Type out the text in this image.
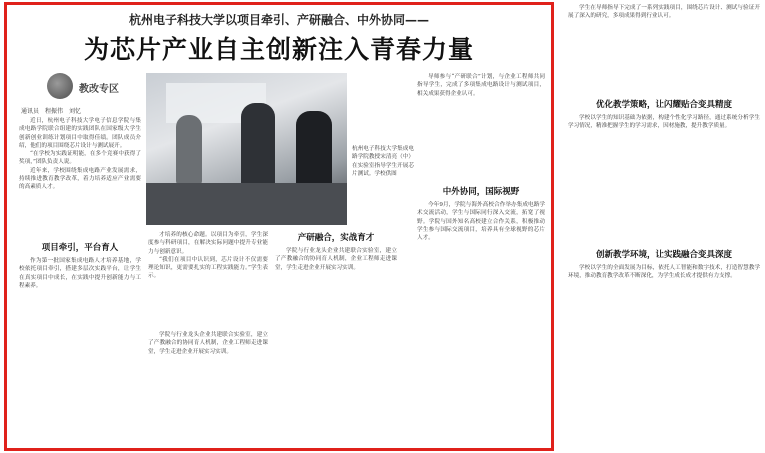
杭州电子科技大学以项目牵引、产研融合、中外协同——
为芯片产业自主创新注入青春力量
教改专区
通讯员　程振伟　刘忆
杭州电子科技大学集成电路学院教授宋清亮（中）在实验室指导学生开展芯片测试。学校供图

近日，杭州电子科技大学电子信息学院与集成电路学院联合组建的实践团队在国家级大学生创新创业训练计划项目中取得佳绩。团队成员介绍，他们的项目围绕芯片设计与测试展开。

“在学校为实践证明能，在多个竞赛中获得了奖项，”团队负责人说。

近年来，学校围绕集成电路产业发展需求，持续推进教育教学改革，着力培养适应产业需要的高素质人才。

项目牵引，平台育人

作为第一批国家集成电路人才培养基地，学校依托项目牵引，搭建多层次实践平台，让学生在真实项目中成长，在实践中提升创新能力与工程素养。

才培养的核心命题。以项目为牵引，学生深度参与科研项目，在解决实际问题中提升专业能力与创新意识。

“我们在项目中认识到，芯片设计不仅需要理论知识，更需要扎实的工程实践能力。”学生表示。

产研融合，实战育才

学院与行业龙头企业共建联合实验室，建立了产教融合的协同育人机制，企业工程师走进课堂，学生走进企业开展实习实训。

学院与行业龙头企业共建联合实验室，建立了产教融合的协同育人机制，企业工程师走进课堂，学生走进企业开展实习实训。

导师参与“产研联合”计划，与企业工程师共同指导学生，完成了多项集成电路设计与测试项目，相关成果获得企业认可。

中外协同，国际视野

今年9月，学院与海外高校合作举办集成电路学术交流活动，学生与国际同行深入交流，拓宽了视野。学院与国外知名高校建立合作关系，积极推动学生参与国际交流项目，培养具有全球视野的芯片人才。

学生在导师指导下完成了一系列实践项目，围绕芯片设计、测试与验证开展了深入的研究，多项成果得到行业认可。

优化教学策略，让闪耀贴合变具精度

学校以学生的知识基础为依据，构建个性化学习路径，通过系统分析学生学习情况，精准把握学生的学习需求，因材施教，提升教学质量。

创新教学环境，让实践融合变具深度

学校以学生的全面发展为目标，依托人工智能和数字技术，打造智慧教学环境，推动教育教学改革不断深化，为学生成长成才提供有力支撑。
